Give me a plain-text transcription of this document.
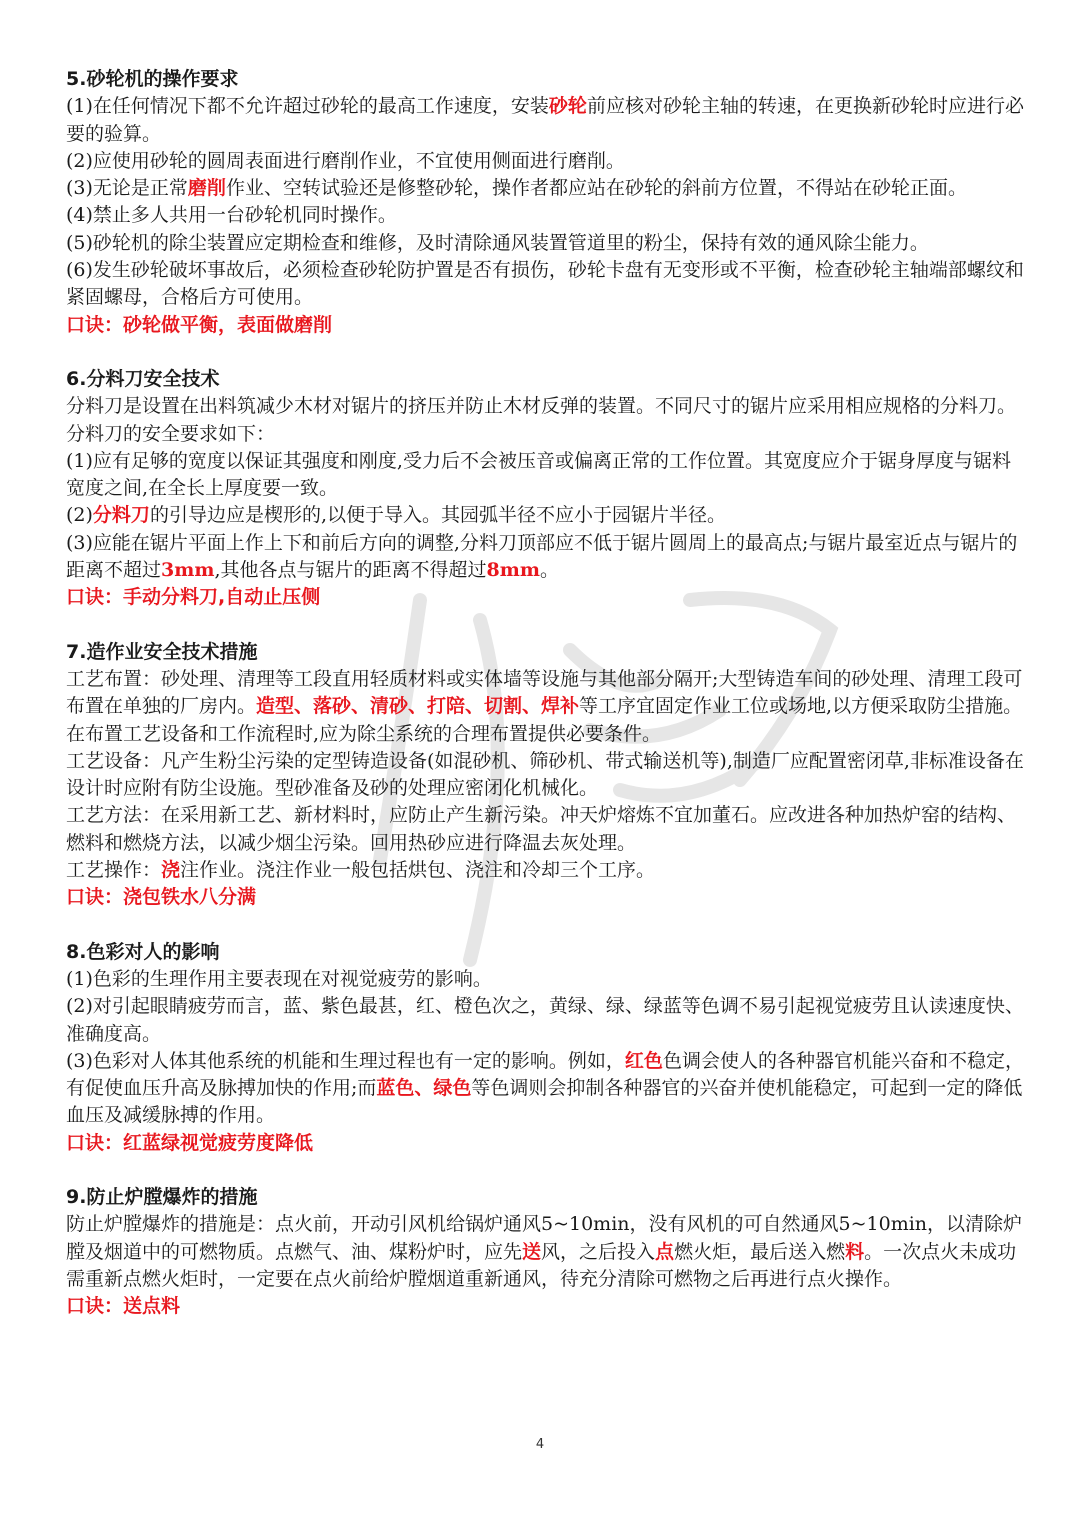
5.砂轮机的操作要求
(1)在任何情况下都不允许超过砂轮的最高工作速度，安装砂轮前应核对砂轮主轴的转速，在更换新砂轮时应进行必要的验算。
(2)应使用砂轮的圆周表面进行磨削作业，不宜使用侧面进行磨削。
(3)无论是正常磨削作业、空转试验还是修整砂轮，操作者都应站在砂轮的斜前方位置，不得站在砂轮正面。
(4)禁止多人共用一台砂轮机同时操作。
(5)砂轮机的除尘装置应定期检查和维修，及时清除通风装置管道里的粉尘，保持有效的通风除尘能力。
(6)发生砂轮破坏事故后，必须检查砂轮防护置是否有损伤，砂轮卡盘有无变形或不平衡，检查砂轮主轴端部螺纹和紧固螺母，合格后方可使用。
口诀：砂轮做平衡，表面做磨削
6.分料刀安全技术
分料刀是设置在出料筑减少木材对锯片的挤压并防止木材反弹的装置。不同尺寸的锯片应采用相应规格的分料刀。分料刀的安全要求如下：
(1)应有足够的宽度以保证其强度和刚度,受力后不会被压音或偏离正常的工作位置。其宽度应介于锯身厚度与锯料宽度之间,在全长上厚度要一致。
(2)分料刀的引导边应是楔形的,以便于导入。其园弧半径不应小于园锯片半径。
(3)应能在锯片平面上作上下和前后方向的调整,分料刀顶部应不低于锯片圆周上的最高点;与锯片最室近点与锯片的距离不超过3mm,其他各点与锯片的距离不得超过8mm。
口诀：手动分料刀,自动止压侧
7.造作业安全技术措施
工艺布置：砂处理、清理等工段直用轻质材料或实体墙等设施与其他部分隔开;大型铸造车间的砂处理、清理工段可布置在单独的厂房内。造型、落砂、清砂、打陪、切割、焊补等工序宜固定作业工位或场地,以方便采取防尘措施。在布置工艺设备和工作流程时,应为除尘系统的合理布置提供必要条件。
工艺设备：凡产生粉尘污染的定型铸造设备(如混砂机、筛砂机、带式输送机等),制造厂应配置密闭草,非标准设备在设计时应附有防尘设施。型砂准备及砂的处理应密闭化机械化。
工艺方法：在采用新工艺、新材料时，应防止产生新污染。冲天炉熔炼不宜加董石。应改进各种加热炉窑的结构、燃料和燃烧方法，以减少烟尘污染。回用热砂应进行降温去灰处理。
工艺操作：浇注作业。浇注作业一般包括烘包、浇注和冷却三个工序。
口诀：浇包铁水八分满
8.色彩对人的影响
(1)色彩的生理作用主要表现在对视觉疲劳的影响。
(2)对引起眼睛疲劳而言，蓝、紫色最甚，红、橙色次之，黄绿、绿、绿蓝等色调不易引起视觉疲劳且认读速度快、准确度高。
(3)色彩对人体其他系统的机能和生理过程也有一定的影响。例如，红色色调会使人的各种器官机能兴奋和不稳定，有促使血压升高及脉搏加快的作用;而蓝色、绿色等色调则会抑制各种器官的兴奋并使机能稳定，可起到一定的降低血压及减缓脉搏的作用。
口诀：红蓝绿视觉疲劳度降低
9.防止炉膛爆炸的措施
防止炉膛爆炸的措施是：点火前，开动引风机给锅炉通风5~10min，没有风机的可自然通风5~10min，以清除炉膛及烟道中的可燃物质。点燃气、油、煤粉炉时，应先送风，之后投入点燃火炬，最后送入燃料。一次点火未成功需重新点燃火炬时，一定要在点火前给炉膛烟道重新通风，待充分清除可燃物之后再进行点火操作。
口诀：送点料
4
